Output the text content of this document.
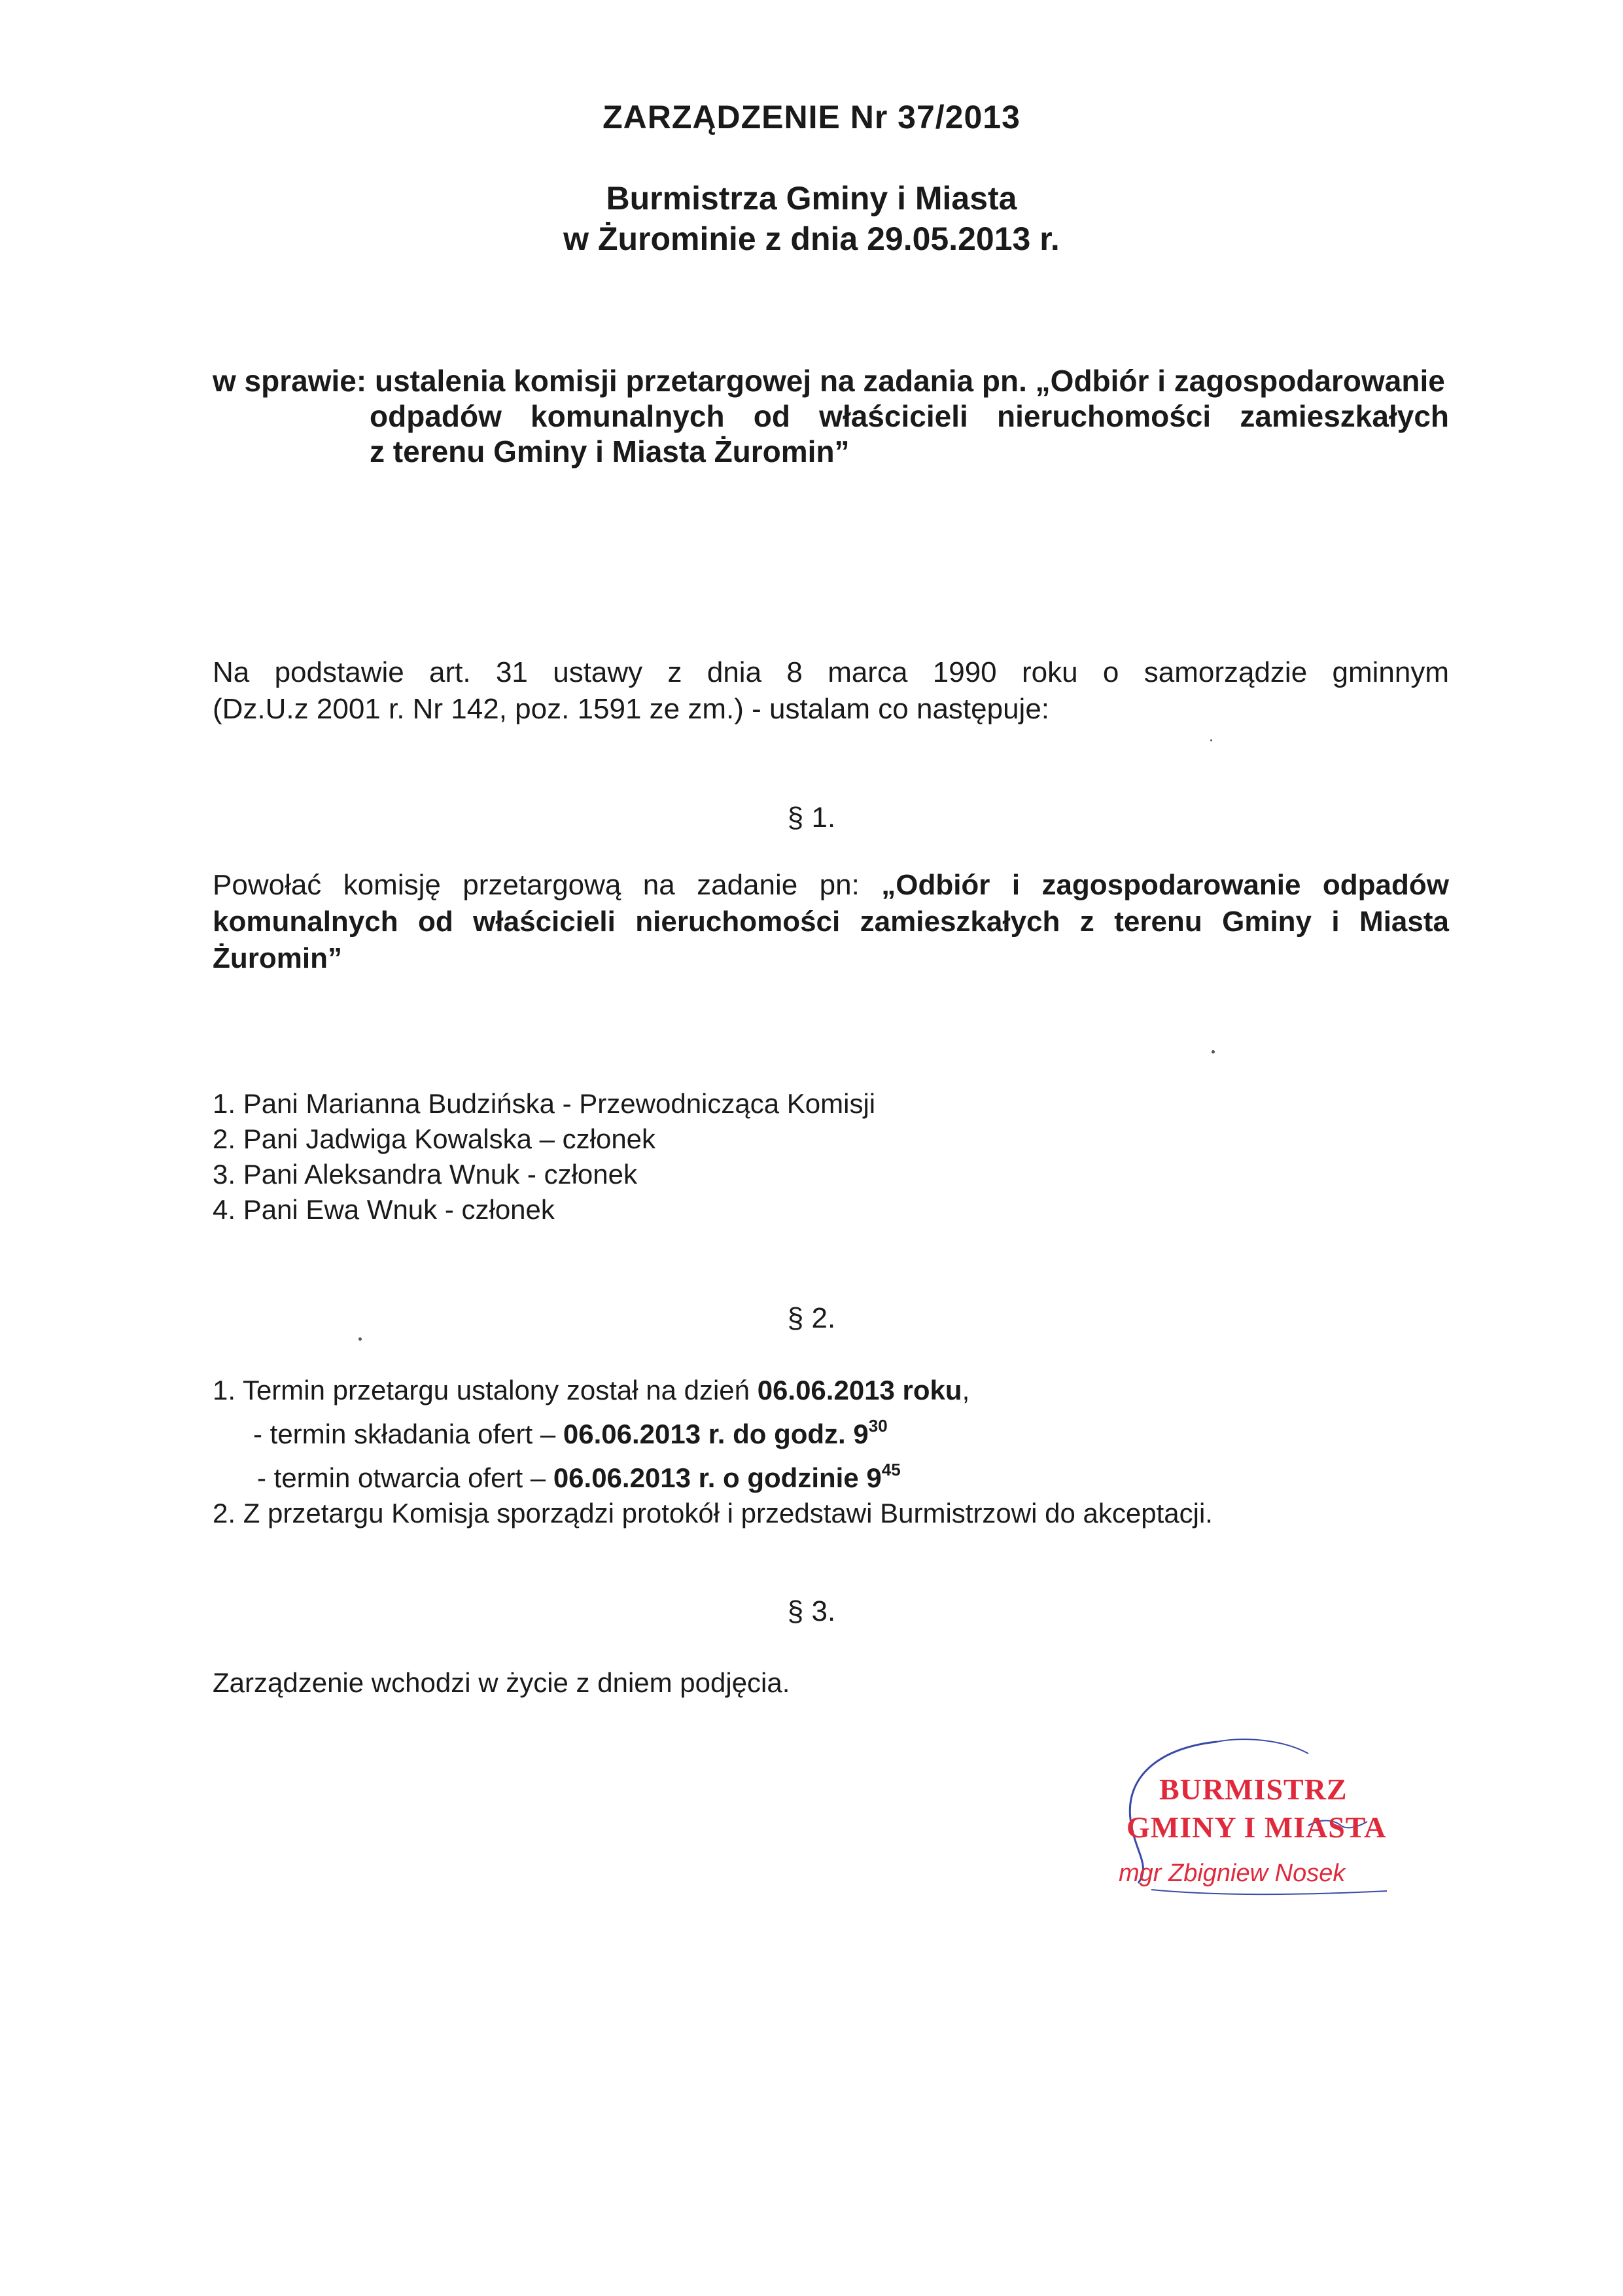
ZARZĄDZENIE Nr 37/2013
Burmistrza Gminy i Miasta
w Żurominie z dnia 29.05.2013 r.
w sprawie: ustalenia komisji przetargowej na zadania pn. „Odbiór i zagospodarowanie
odpadów komunalnych od właścicieli nieruchomości zamieszkałych
z terenu Gminy i Miasta Żuromin”
Na podstawie art. 31 ustawy z dnia 8 marca 1990 roku o samorządzie gminnym
(Dz.U.z 2001 r. Nr 142, poz. 1591 ze zm.) - ustalam co następuje:
§ 1.
Powołać komisję przetargową na zadanie pn: „Odbiór i zagospodarowanie odpadów
komunalnych od właścicieli nieruchomości zamieszkałych z terenu Gminy i Miasta
Żuromin”
1. Pani Marianna Budzińska - Przewodnicząca Komisji
2. Pani Jadwiga Kowalska – członek
3. Pani Aleksandra Wnuk - członek
4. Pani Ewa Wnuk - członek
§ 2.
1. Termin przetargu ustalony został na dzień 06.06.2013 roku,
- termin składania ofert – 06.06.2013 r. do godz. $9^{30}$
- termin otwarcia ofert – 06.06.2013 r. o godzinie $9^{45}$
2. Z przetargu Komisja sporządzi protokół i przedstawi Burmistrzowi do akceptacji.
§ 3.
Zarządzenie wchodzi w życie z dniem podjęcia.
BURMISTRZ
GMINY I MIASTA
mgr Zbigniew Nosek
